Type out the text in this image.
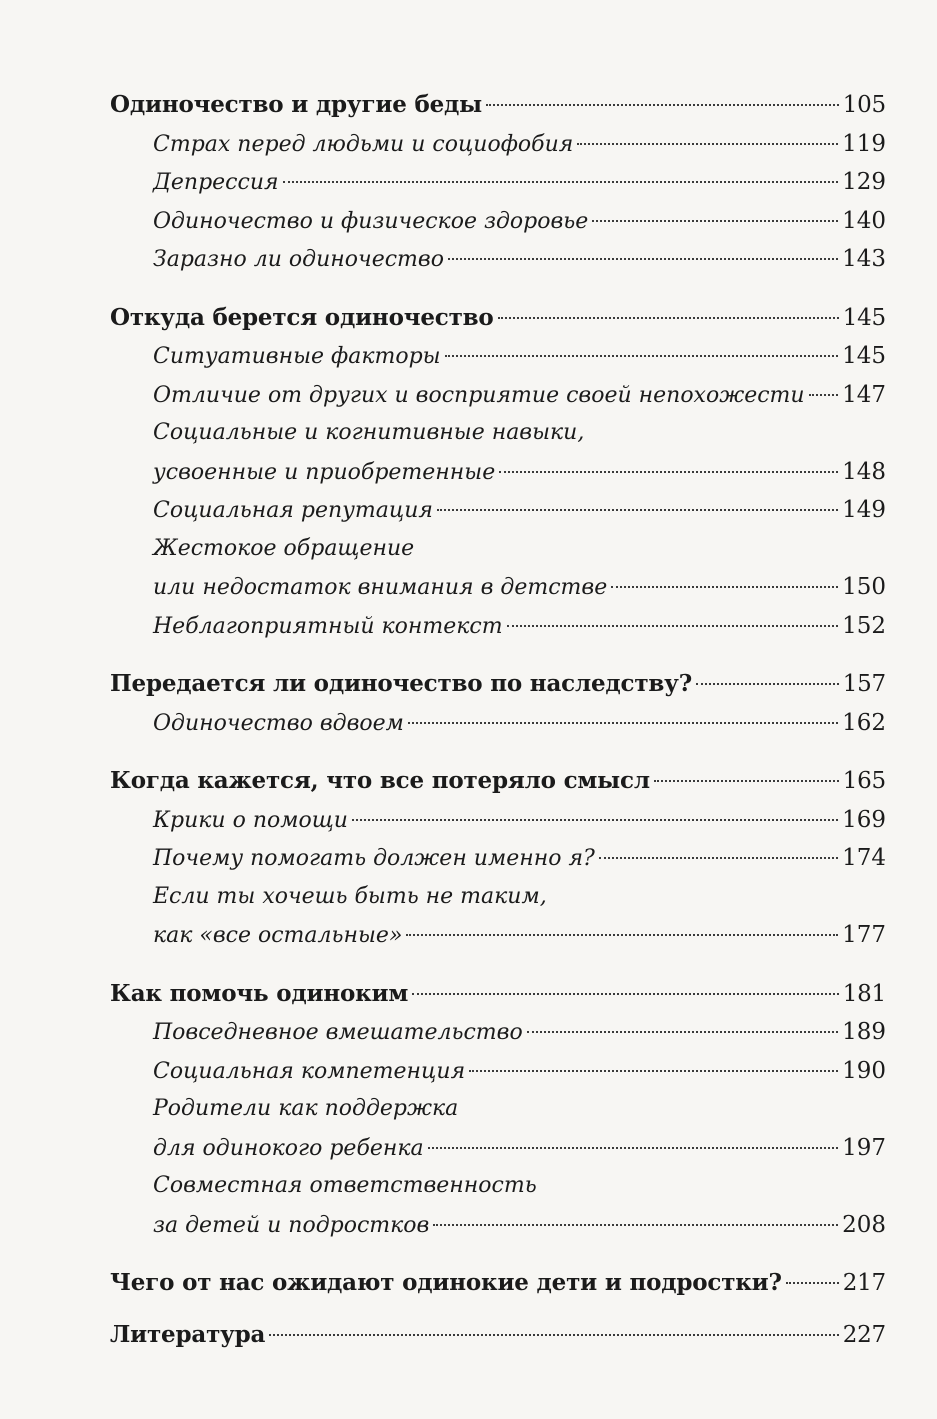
Одиночество и другие беды	105
Страх перед людьми и социофобия	119
Депрессия	129
Одиночество и физическое здоровье	140
Заразно ли одиночество	143
Откуда берется одиночество	145
Ситуативные факторы	145
Отличие от других и восприятие своей непохожести 147
Социальные и когнитивные навыки,
усвоенные и приобретенные	148
Социальная репутация	149
Жестокое обращение
или недостаток внимания в детстве	150
Неблагоприятный контекст	152
Передается ли одиночество по наследству?	157
Одиночество вдвоем	162
Когда кажется, что все потеряло смысл	165
Крики о помощи	169
Почему помогать должен именно я?	174
Если ты хочешь быть не таким,
как «все остальные»	177
Как помочь одиноким	181
Повседневное вмешательство	189
Социальная компетенция	190
Родители как поддержка
для одинокого ребенка	197
Совместная ответственность
за детей и подростков	208
Чего от нас ожидают одинокие дети и подростки?	217
Литература	227
